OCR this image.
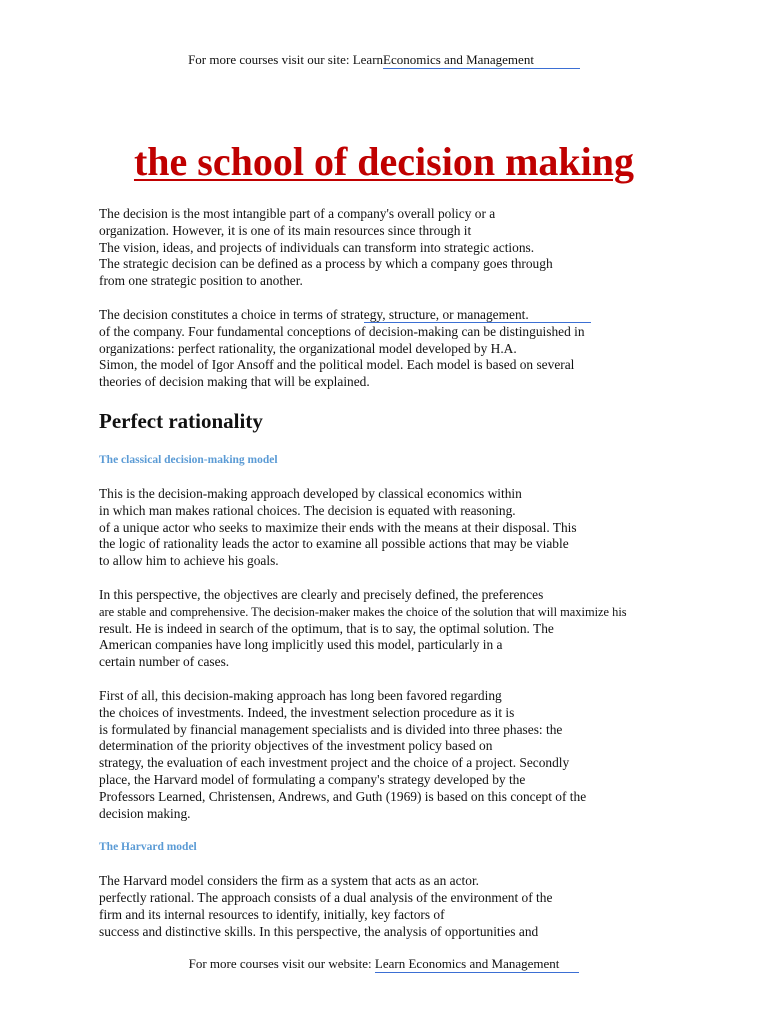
For more courses visit our site: LearnEconomics and Management
the school of decision making

The decision is the most intangible part of a company's overall policy or a
organization. However, it is one of its main resources since through it
The vision, ideas, and projects of individuals can transform into strategic actions.
The strategic decision can be defined as a process by which a company goes through
from one strategic position to another.

The decision constitutes a choice in terms of strategy, structure, or management.
of the company. Four fundamental conceptions of decision-making can be distinguished in
organizations: perfect rationality, the organizational model developed by H.A.
Simon, the model of Igor Ansoff and the political model. Each model is based on several
theories of decision making that will be explained.

Perfect rationality
The classical decision-making model

This is the decision-making approach developed by classical economics within
in which man makes rational choices. The decision is equated with reasoning.
of a unique actor who seeks to maximize their ends with the means at their disposal. This
the logic of rationality leads the actor to examine all possible actions that may be viable
to allow him to achieve his goals.

In this perspective, the objectives are clearly and precisely defined, the preferences
are stable and comprehensive. The decision-maker makes the choice of the solution that will maximize his
result. He is indeed in search of the optimum, that is to say, the optimal solution. The
American companies have long implicitly used this model, particularly in a
certain number of cases.

First of all, this decision-making approach has long been favored regarding
the choices of investments. Indeed, the investment selection procedure as it is
is formulated by financial management specialists and is divided into three phases: the
determination of the priority objectives of the investment policy based on
strategy, the evaluation of each investment project and the choice of a project. Secondly
place, the Harvard model of formulating a company's strategy developed by the
Professors Learned, Christensen, Andrews, and Guth (1969) is based on this concept of the
decision making.

The Harvard model

The Harvard model considers the firm as a system that acts as an actor.
perfectly rational. The approach consists of a dual analysis of the environment of the
firm and its internal resources to identify, initially, key factors of
success and distinctive skills. In this perspective, the analysis of opportunities and

For more courses visit our website: Learn Economics and Management
